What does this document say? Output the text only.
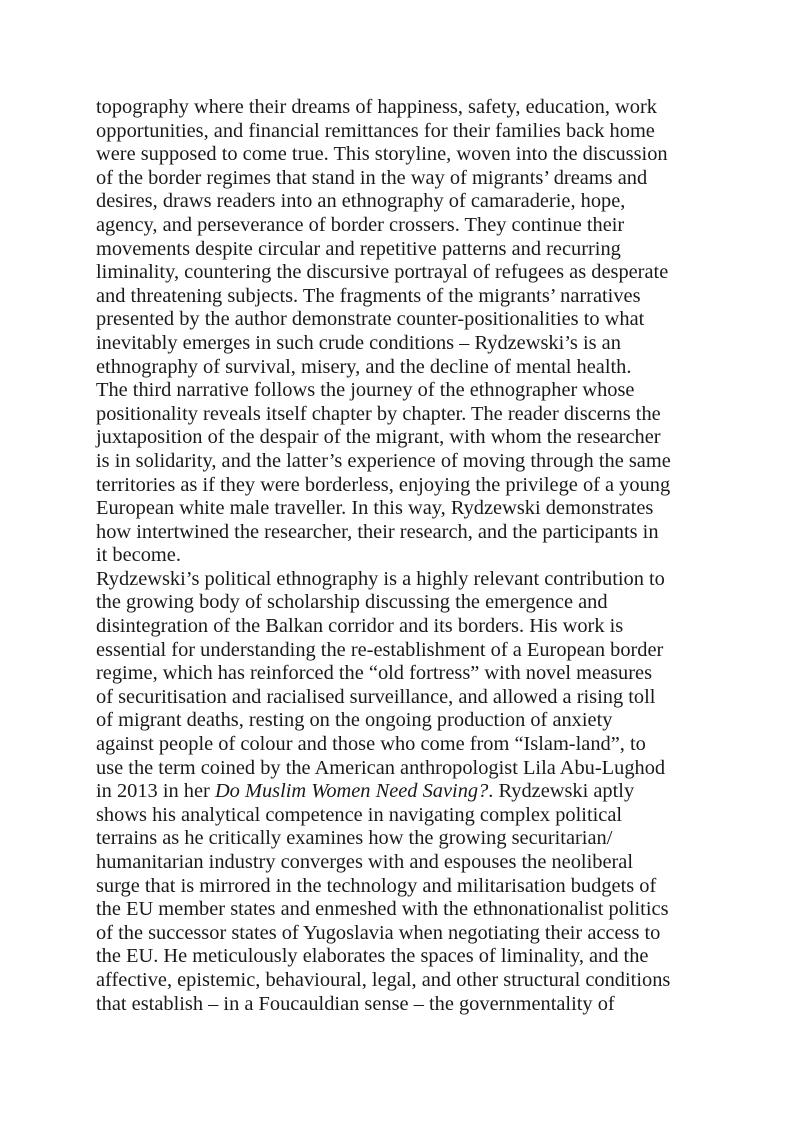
topography where their dreams of happiness, safety, education, work
opportunities, and financial remittances for their families back home
were supposed to come true. This storyline, woven into the discussion
of the border regimes that stand in the way of migrants’ dreams and
desires, draws readers into an ethnography of camaraderie, hope,
agency, and perseverance of border crossers. They continue their
movements despite circular and repetitive patterns and recurring
liminality, countering the discursive portrayal of refugees as desperate
and threatening subjects. The fragments of the migrants’ narratives
presented by the author demonstrate counter-positionalities to what
inevitably emerges in such crude conditions – Rydzewski’s is an
ethnography of survival, misery, and the decline of mental health.
The third narrative follows the journey of the ethnographer whose
positionality reveals itself chapter by chapter. The reader discerns the
juxtaposition of the despair of the migrant, with whom the researcher
is in solidarity, and the latter’s experience of moving through the same
territories as if they were borderless, enjoying the privilege of a young
European white male traveller. In this way, Rydzewski demonstrates
how intertwined the researcher, their research, and the participants in
it become.
Rydzewski’s political ethnography is a highly relevant contribution to
the growing body of scholarship discussing the emergence and
disintegration of the Balkan corridor and its borders. His work is
essential for understanding the re-establishment of a European border
regime, which has reinforced the “old fortress” with novel measures
of securitisation and racialised surveillance, and allowed a rising toll
of migrant deaths, resting on the ongoing production of anxiety
against people of colour and those who come from “Islam-land”, to
use the term coined by the American anthropologist Lila Abu-Lughod
in 2013 in her Do Muslim Women Need Saving?. Rydzewski aptly
shows his analytical competence in navigating complex political
terrains as he critically examines how the growing securitarian/
humanitarian industry converges with and espouses the neoliberal
surge that is mirrored in the technology and militarisation budgets of
the EU member states and enmeshed with the ethnonationalist politics
of the successor states of Yugoslavia when negotiating their access to
the EU. He meticulously elaborates the spaces of liminality, and the
affective, epistemic, behavioural, legal, and other structural conditions
that establish – in a Foucauldian sense – the governmentality of
